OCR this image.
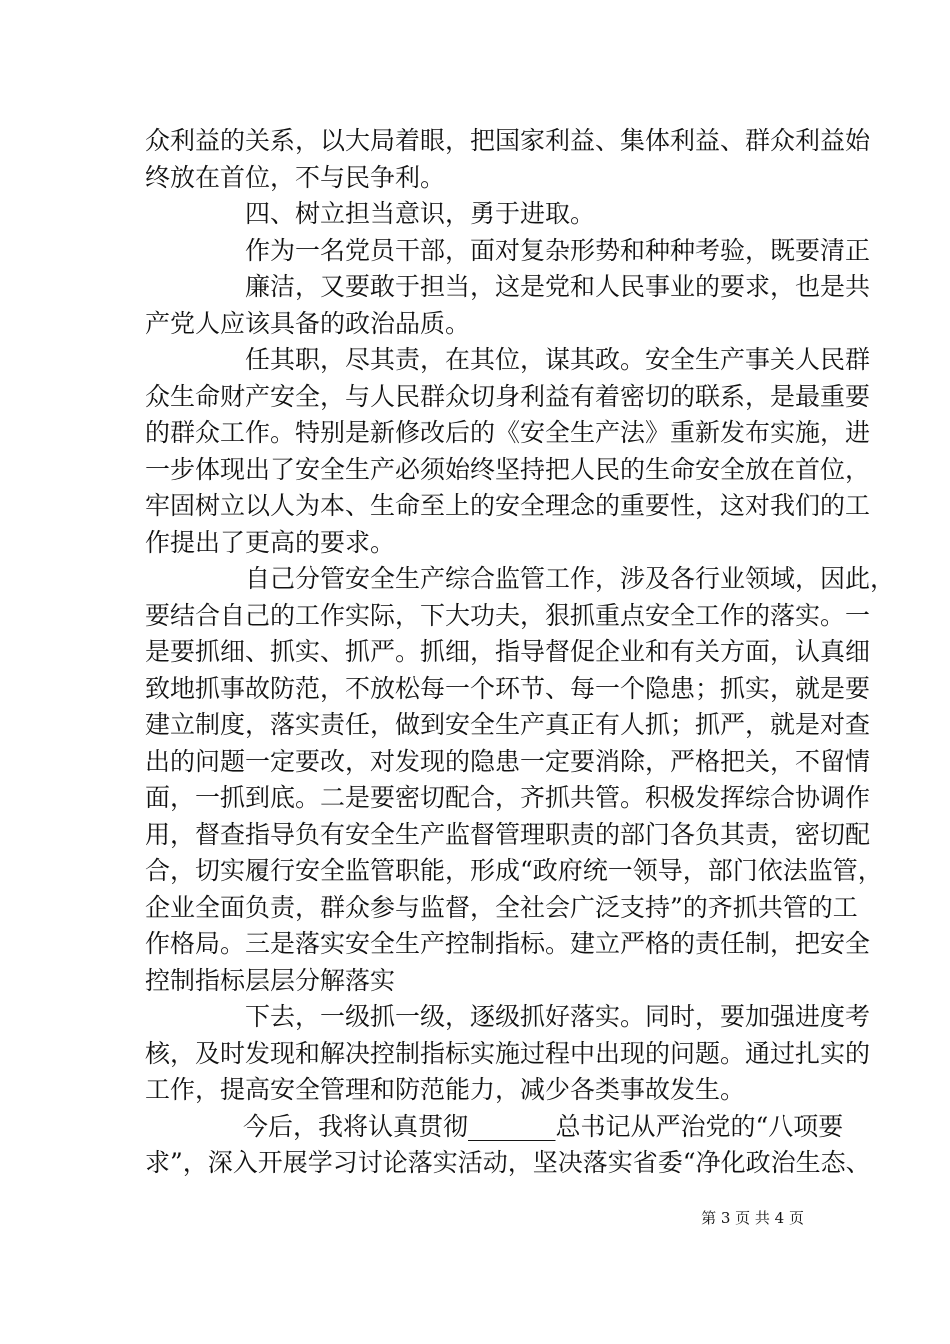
众利益的关系，以大局着眼，把国家利益、集体利益、群众利益始
终放在首位，不与民争利。
四、树立担当意识，勇于进取。
作为一名党员干部，面对复杂形势和种种考验，既要清正
廉洁，又要敢于担当，这是党和人民事业的要求，也是共
产党人应该具备的政治品质。
任其职，尽其责，在其位，谋其政。安全生产事关人民群
众生命财产安全，与人民群众切身利益有着密切的联系，是最重要
的群众工作。特别是新修改后的《安全生产法》重新发布实施，进
一步体现出了安全生产必须始终坚持把人民的生命安全放在首位，
牢固树立以人为本、生命至上的安全理念的重要性，这对我们的工
作提出了更高的要求。
自己分管安全生产综合监管工作，涉及各行业领域，因此，
要结合自己的工作实际，下大功夫，狠抓重点安全工作的落实。一
是要抓细、抓实、抓严。抓细，指导督促企业和有关方面，认真细
致地抓事故防范，不放松每一个环节、每一个隐患；抓实，就是要
建立制度，落实责任，做到安全生产真正有人抓；抓严，就是对查
出的问题一定要改，对发现的隐患一定要消除，严格把关，不留情
面，一抓到底。二是要密切配合，齐抓共管。积极发挥综合协调作
用，督查指导负有安全生产监督管理职责的部门各负其责，密切配
合，切实履行安全监管职能，形成“政府统一领导，部门依法监管，
企业全面负责，群众参与监督，全社会广泛支持”的齐抓共管的工
作格局。三是落实安全生产控制指标。建立严格的责任制，把安全
控制指标层层分解落实
下去，一级抓一级，逐级抓好落实。同时，要加强进度考
核，及时发现和解决控制指标实施过程中出现的问题。通过扎实的
工作，提高安全管理和防范能力，减少各类事故发生。
今后，我将认真贯彻_______总书记从严治党的“八项要
求”，深入开展学习讨论落实活动，坚决落实省委“净化政治生态、
第 3 页 共 4 页
